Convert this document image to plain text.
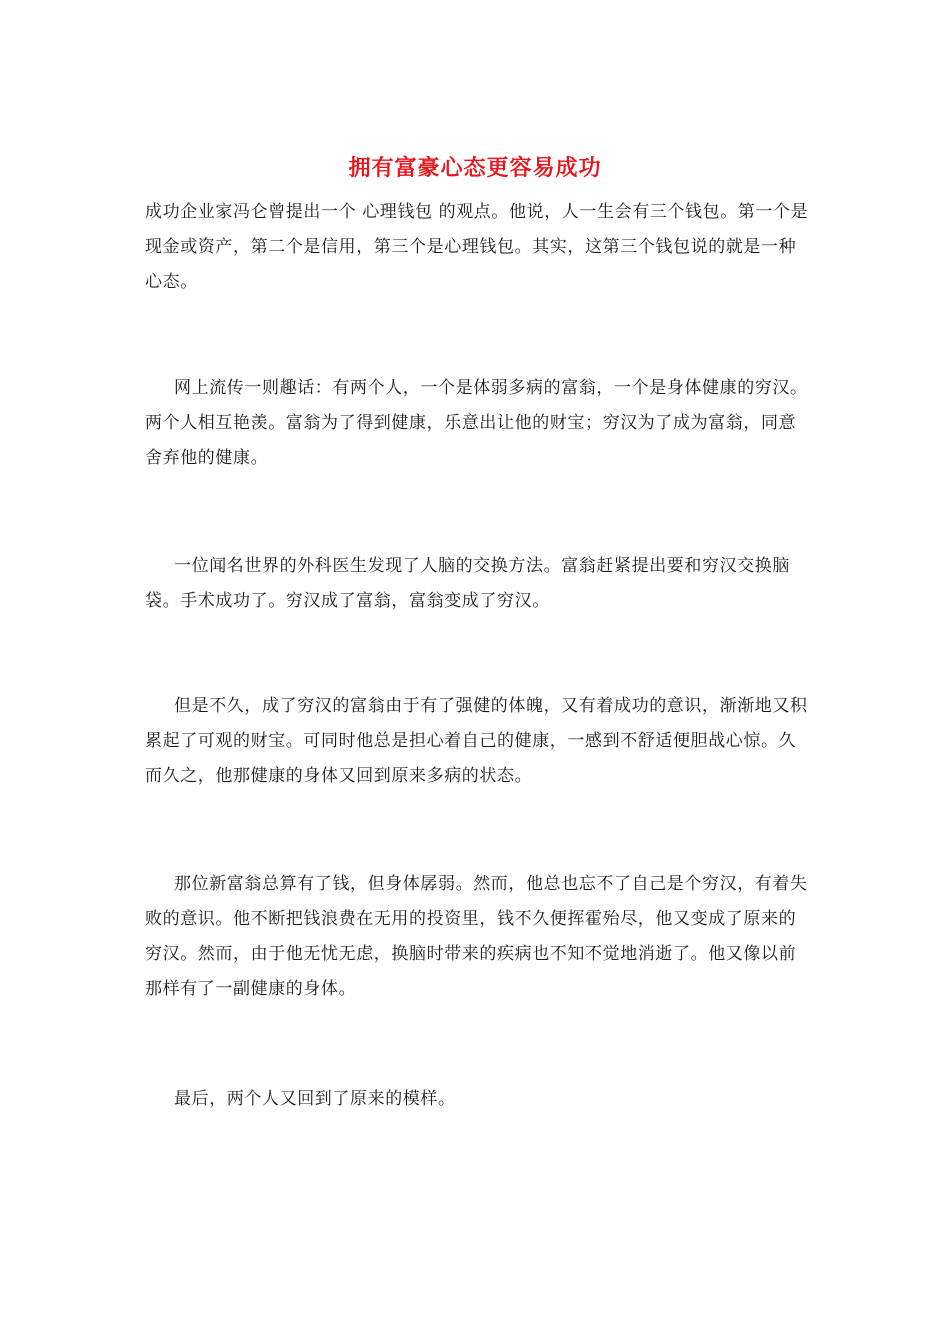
拥有富豪心态更容易成功

成功企业家冯仑曾提出一个 心理钱包 的观点。他说，人一生会有三个钱包。第一个是现金或资产，第二个是信用，第三个是心理钱包。其实，这第三个钱包说的就是一种心态。

网上流传一则趣话：有两个人，一个是体弱多病的富翁，一个是身体健康的穷汉。两个人相互艳羡。富翁为了得到健康，乐意出让他的财宝；穷汉为了成为富翁，同意舍弃他的健康。

一位闻名世界的外科医生发现了人脑的交换方法。富翁赶紧提出要和穷汉交换脑袋。手术成功了。穷汉成了富翁，富翁变成了穷汉。

但是不久，成了穷汉的富翁由于有了强健的体魄，又有着成功的意识，渐渐地又积累起了可观的财宝。可同时他总是担心着自己的健康，一感到不舒适便胆战心惊。久而久之，他那健康的身体又回到原来多病的状态。

那位新富翁总算有了钱，但身体孱弱。然而，他总也忘不了自己是个穷汉，有着失败的意识。他不断把钱浪费在无用的投资里，钱不久便挥霍殆尽，他又变成了原来的穷汉。然而，由于他无忧无虑，换脑时带来的疾病也不知不觉地消逝了。他又像以前那样有了一副健康的身体。

最后，两个人又回到了原来的模样。
